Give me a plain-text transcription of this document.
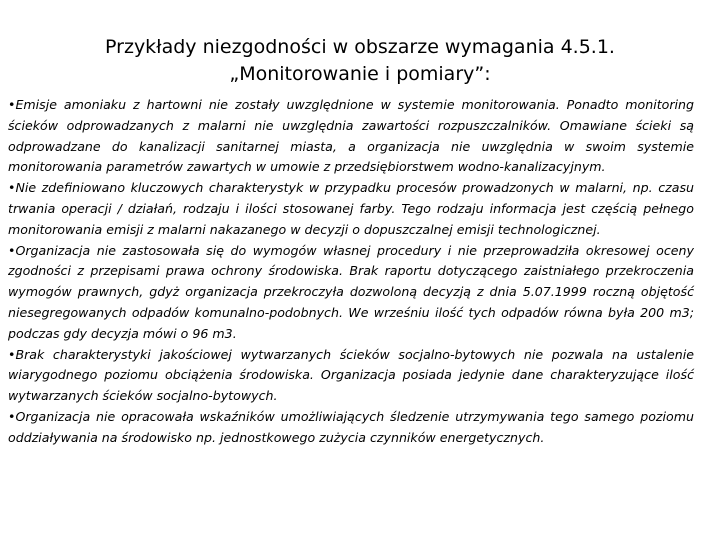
Przykłady niezgodności w obszarze wymagania 4.5.1.
„Monitorowanie i pomiary”:

•Emisje amoniaku z hartowni nie zostały uwzględnione w systemie monitorowania. Ponadto monitoring ścieków odprowadzanych z malarni nie uwzględnia zawartości rozpuszczalników. Omawiane ścieki są odprowadzane do kanalizacji sanitarnej miasta, a organizacja nie uwzględnia w swoim systemie monitorowania parametrów zawartych w umowie z przedsiębiorstwem wodno-kanalizacyjnym.

•Nie zdefiniowano kluczowych charakterystyk w przypadku procesów prowadzonych w malarni, np. czasu trwania operacji / działań, rodzaju i ilości stosowanej farby. Tego rodzaju informacja jest częścią pełnego monitorowania emisji z malarni nakazanego w decyzji o dopuszczalnej emisji technologicznej.

•Organizacja nie zastosowała się do wymogów własnej procedury i nie przeprowadziła okresowej oceny zgodności z przepisami prawa ochrony środowiska. Brak raportu dotyczącego zaistniałego przekroczenia wymogów prawnych, gdyż organizacja przekroczyła dozwoloną decyzją z dnia 5.07.1999 roczną objętość niesegregowanych odpadów komunalno-podobnych. We wrześniu ilość tych odpadów równa była 200 m3; podczas gdy decyzja mówi o 96 m3.

•Brak charakterystyki jakościowej wytwarzanych ścieków socjalno-bytowych nie pozwala na ustalenie wiarygodnego poziomu obciążenia środowiska. Organizacja posiada jedynie dane charakteryzujące ilość wytwarzanych ścieków socjalno-bytowych.

•Organizacja nie opracowała wskaźników umożliwiających śledzenie utrzymywania tego samego poziomu oddziaływania na środowisko np. jednostkowego zużycia czynników energetycznych.
